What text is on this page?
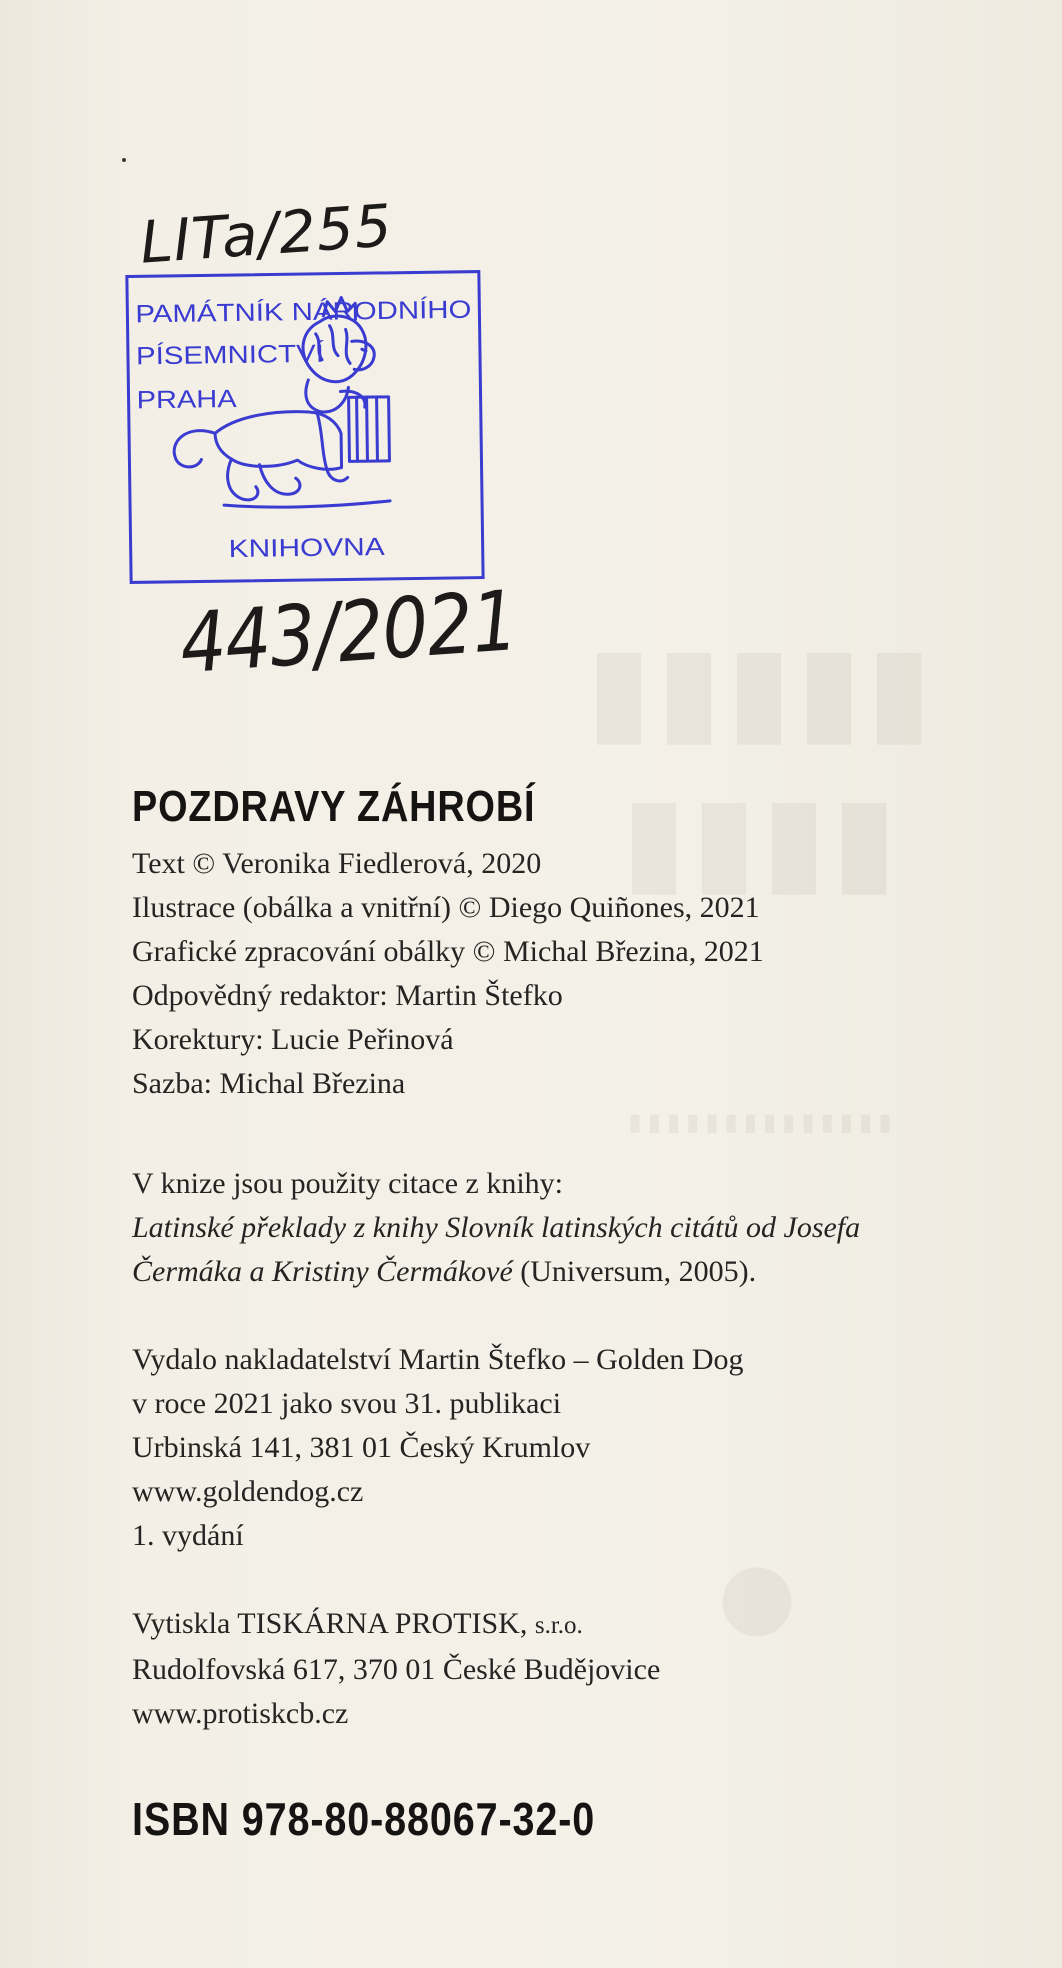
▮▮▮▮▮
▮▮▮▮
▮▮▮▮▮▮▮▮▮▮▮▮▮▮
●
LITa/255
PAMÁTNÍK NÁRODNÍHO
PÍSEMNICTVÍ
PRAHA
KNIHOVNA
443/2021
POZDRAVY ZÁHROBÍ

Text © Veronika Fiedlerová, 2020

Ilustrace (obálka a vnitřní) © Diego Quiñones, 2021

Grafické zpracování obálky © Michal Březina, 2021

Odpovědný redaktor: Martin Štefko

Korektury: Lucie Peřinová

Sazba: Michal Březina

V knize jsou použity citace z knihy:

Latinské překlady z knihy Slovník latinských citátů od Josefa

Čermáka a Kristiny Čermákové (Universum, 2005).

Vydalo nakladatelství Martin Štefko – Golden Dog

v roce 2021 jako svou 31. publikaci

Urbinská 141, 381 01 Český Krumlov

www.goldendog.cz

1. vydání

Vytiskla TISKÁRNA PROTISK, s.r.o.

Rudolfovská 617, 370 01 České Budějovice

www.protiskcb.cz

ISBN 978-80-88067-32-0
